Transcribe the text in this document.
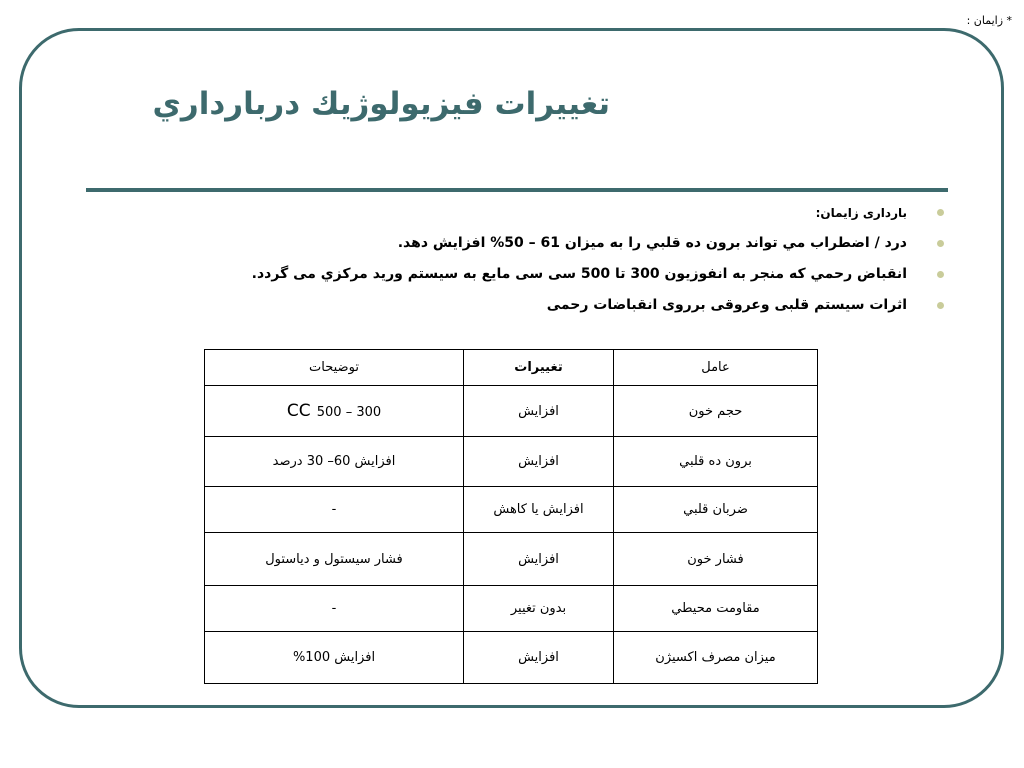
* زایمان :
تغييرات فيزيولوژيك دربارداري
بارداری زایمان:
درد / اضطراب مي تواند برون ده قلبي را به ميزان 61 – 50% افزايش دهد.
انقباض رحمي كه منجر به انفوزيون 300 تا 500 سی سی مایع به سیستم ورید مركزي می گردد.
اثرات سیستم قلبی وعروقی برروی انقباضات رحمی
عامل	تغییرات	توضیحات
حجم خون	افزایش	300 – 500 CC
برون ده قلبي	افزایش	افزایش 60– 30 درصد
ضربان قلبي	افزایش یا کاهش	-
فشار خون	افزایش	فشار سیستول و دیاستول
مقاومت محیطي	بدون تغییر	-
میزان مصرف اکسیژن	افزایش	افزایش 100%
